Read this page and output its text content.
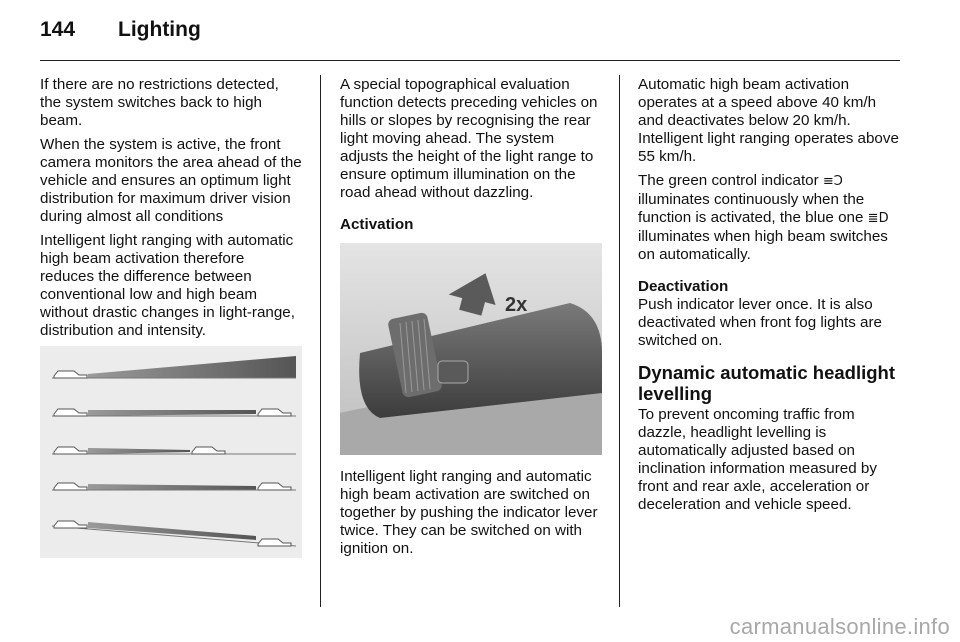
144 Lighting

If there are no restrictions detected, the system switches back to high beam.

When the system is active, the front camera monitors the area ahead of the vehicle and ensures an optimum light distribution for maximum driver vision during almost all conditions

Intelligent light ranging with automatic high beam activation therefore reduces the difference between conventional low and high beam without drastic changes in light-range, distribution and intensity.

A special topographical evaluation function detects preceding vehicles on hills or slopes by recognising the rear light moving ahead. The system adjusts the height of the light range to ensure optimum illumination on the road ahead without dazzling.

Activation
2x

Intelligent light ranging and automatic high beam activation are switched on together by pushing the indicator lever twice. They can be switched on with ignition on.

Automatic high beam activation operates at a speed above 40 km/h and deactivates below 20 km/h. Intelligent light ranging operates above 55 km/h.

The green control indicator ≡Ↄ illuminates continuously when the function is activated, the blue one ≣D illuminates when high beam switches on automatically.

Deactivation

Push indicator lever once. It is also deactivated when front fog lights are switched on.

Dynamic automatic headlight levelling

To prevent oncoming traffic from dazzle, headlight levelling is automatically adjusted based on inclination information measured by front and rear axle, acceleration or deceleration and vehicle speed.

carmanualsonline.info
